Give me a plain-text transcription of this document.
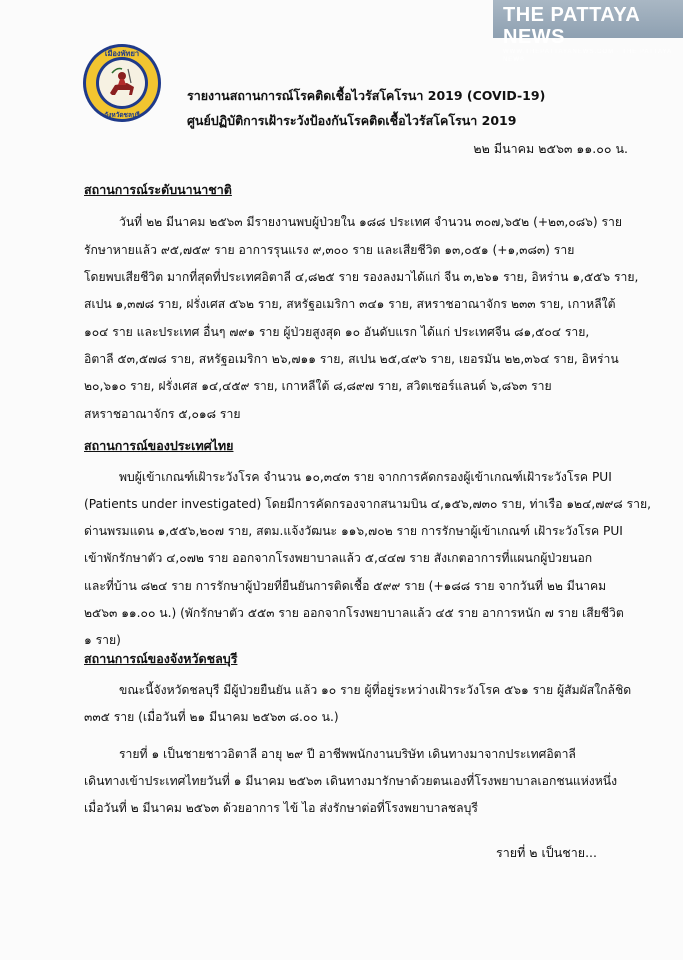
THE PATTAYA NEWS
WWW.THEPATTAYANEWS.COM · THE PATTAYA NEWS
เมืองพัทยา
จังหวัดชลบุรี
รายงานสถานการณ์โรคติดเชื้อไวรัสโคโรนา 2019 (COVID-19)
ศูนย์ปฏิบัติการเฝ้าระวังป้องกันโรคติดเชื้อไวรัสโคโรนา 2019
๒๒ มีนาคม ๒๕๖๓ ๑๑.๐๐ น.
สถานการณ์ระดับนานาชาติ
วันที่ ๒๒ มีนาคม ๒๕๖๓ มีรายงานพบผู้ป่วยใน ๑๘๘ ประเทศ จำนวน ๓๐๗,๖๕๒ (+๒๓,๐๘๖) ราย
รักษาหายแล้ว ๙๕,๗๕๙ ราย อาการรุนแรง ๙,๓๐๐ ราย และเสียชีวิต ๑๓,๐๕๑ (+๑,๓๘๓) ราย
โดยพบเสียชีวิต มากที่สุดที่ประเทศอิตาลี ๔,๘๒๕ ราย รองลงมาได้แก่ จีน ๓,๒๖๑ ราย, อิหร่าน ๑,๕๕๖ ราย,
สเปน ๑,๓๗๘ ราย, ฝรั่งเศส ๕๖๒ ราย, สหรัฐอเมริกา ๓๔๑ ราย, สหราชอาณาจักร ๒๓๓ ราย, เกาหลีใต้
๑๐๔ ราย และประเทศ อื่นๆ ๗๙๑ ราย ผู้ป่วยสูงสุด ๑๐ อันดับแรก ได้แก่ ประเทศจีน ๘๑,๕๐๔ ราย,
อิตาลี ๕๓,๕๗๘ ราย, สหรัฐอเมริกา ๒๖,๗๑๑ ราย, สเปน ๒๕,๔๙๖ ราย, เยอรมัน ๒๒,๓๖๔ ราย, อิหร่าน
๒๐,๖๑๐ ราย, ฝรั่งเศส ๑๔,๔๕๙ ราย, เกาหลีใต้ ๘,๘๙๗ ราย, สวิตเซอร์แลนด์ ๖,๘๖๓ ราย
สหราชอาณาจักร ๕,๐๑๘ ราย
สถานการณ์ของประเทศไทย
พบผู้เข้าเกณฑ์เฝ้าระวังโรค จำนวน ๑๐,๓๔๓ ราย จากการคัดกรองผู้เข้าเกณฑ์เฝ้าระวังโรค PUI
(Patients under investigated) โดยมีการคัดกรองจากสนามบิน ๔,๑๕๖,๗๓๐ ราย, ท่าเรือ ๑๒๔,๗๙๘ ราย,
ด่านพรมแดน ๑,๕๕๖,๒๐๗ ราย, สตม.แจ้งวัฒนะ ๑๑๖,๗๐๒ ราย การรักษาผู้เข้าเกณฑ์ เฝ้าระวังโรค PUI
เข้าพักรักษาตัว ๔,๐๗๒ ราย ออกจากโรงพยาบาลแล้ว ๕,๔๔๗ ราย สังเกตอาการที่แผนกผู้ป่วยนอก
และที่บ้าน ๘๒๔ ราย การรักษาผู้ป่วยที่ยืนยันการติดเชื้อ ๕๙๙ ราย (+๑๘๘ ราย จากวันที่ ๒๒ มีนาคม
๒๕๖๓ ๑๑.๐๐ น.) (พักรักษาตัว ๕๕๓ ราย ออกจากโรงพยาบาลแล้ว ๔๕ ราย อาการหนัก ๗ ราย เสียชีวิต
๑ ราย)
สถานการณ์ของจังหวัดชลบุรี
ขณะนี้จังหวัดชลบุรี มีผู้ป่วยยืนยัน แล้ว ๑๐ ราย ผู้ที่อยู่ระหว่างเฝ้าระวังโรค ๕๖๑ ราย ผู้สัมผัสใกล้ชิด
๓๓๕ ราย (เมื่อวันที่ ๒๑ มีนาคม ๒๕๖๓ ๘.๐๐ น.)
รายที่ ๑ เป็นชายชาวอิตาลี อายุ ๒๙ ปี อาชีพพนักงานบริษัท เดินทางมาจากประเทศอิตาลี
เดินทางเข้าประเทศไทยวันที่ ๑ มีนาคม ๒๕๖๓ เดินทางมารักษาด้วยตนเองที่โรงพยาบาลเอกชนแห่งหนึ่ง
เมื่อวันที่ ๒ มีนาคม ๒๕๖๓ ด้วยอาการ ไข้ ไอ ส่งรักษาต่อที่โรงพยาบาลชลบุรี
รายที่ ๒ เป็นชาย...
